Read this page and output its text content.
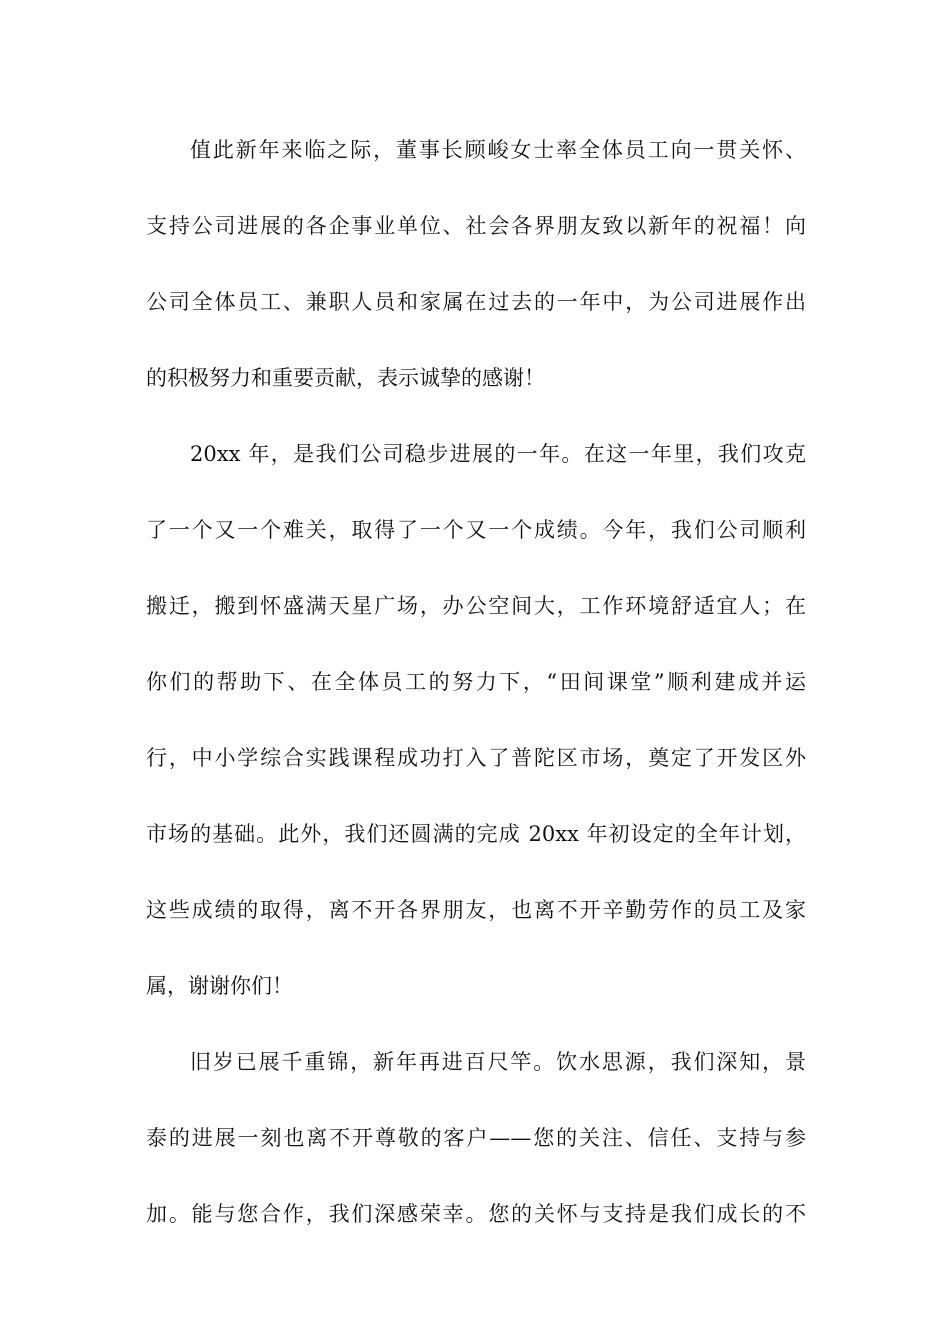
值此新年来临之际，董事长顾峻女士率全体员工向一贯关怀、
支持公司进展的各企事业单位、社会各界朋友致以新年的祝福！向
公司全体员工、兼职人员和家属在过去的一年中，为公司进展作出
的积极努力和重要贡献，表示诚挚的感谢！
20xx 年，是我们公司稳步进展的一年。在这一年里，我们攻克
了一个又一个难关，取得了一个又一个成绩。今年，我们公司顺利
搬迁，搬到怀盛满天星广场，办公空间大，工作环境舒适宜人；在
你们的帮助下、在全体员工的努力下，“田间课堂”顺利建成并运
行，中小学综合实践课程成功打入了普陀区市场，奠定了开发区外
市场的基础。此外，我们还圆满的完成 20xx 年初设定的全年计划，
这些成绩的取得，离不开各界朋友，也离不开辛勤劳作的员工及家
属，谢谢你们！
旧岁已展千重锦，新年再进百尺竿。饮水思源，我们深知，景
泰的进展一刻也离不开尊敬的客户——您的关注、信任、支持与参
加。能与您合作，我们深感荣幸。您的关怀与支持是我们成长的不
